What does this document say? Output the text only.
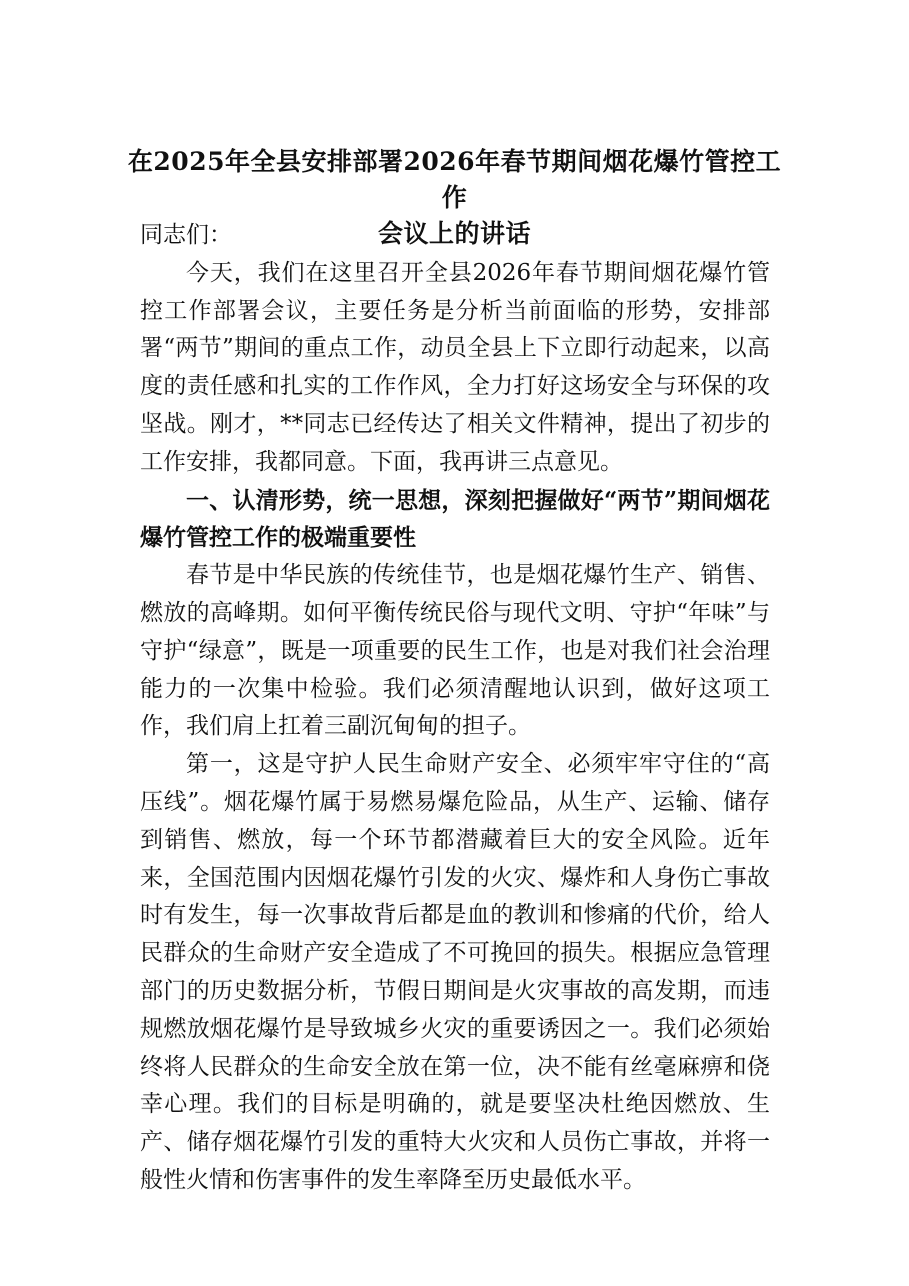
在2025年全县安排部署2026年春节期间烟花爆竹管控工作
会议上的讲话

同志们：

今天，我们在这里召开全县2026年春节期间烟花爆竹管控工作部署会议，主要任务是分析当前面临的形势，安排部署“两节”期间的重点工作，动员全县上下立即行动起来，以高度的责任感和扎实的工作作风，全力打好这场安全与环保的攻坚战。刚才，**同志已经传达了相关文件精神，提出了初步的工作安排，我都同意。下面，我再讲三点意见。

一、认清形势，统一思想，深刻把握做好“两节”期间烟花爆竹管控工作的极端重要性

春节是中华民族的传统佳节，也是烟花爆竹生产、销售、燃放的高峰期。如何平衡传统民俗与现代文明、守护“年味”与守护“绿意”，既是一项重要的民生工作，也是对我们社会治理能力的一次集中检验。我们必须清醒地认识到，做好这项工作，我们肩上扛着三副沉甸甸的担子。

第一，这是守护人民生命财产安全、必须牢牢守住的“高压线”。烟花爆竹属于易燃易爆危险品，从生产、运输、储存到销售、燃放，每一个环节都潜藏着巨大的安全风险。近年来，全国范围内因烟花爆竹引发的火灾、爆炸和人身伤亡事故时有发生，每一次事故背后都是血的教训和惨痛的代价，给人民群众的生命财产安全造成了不可挽回的损失。根据应急管理部门的历史数据分析，节假日期间是火灾事故的高发期，而违规燃放烟花爆竹是导致城乡火灾的重要诱因之一。我们必须始终将人民群众的生命安全放在第一位，决不能有丝毫麻痹和侥幸心理。我们的目标是明确的，就是要坚决杜绝因燃放、生产、储存烟花爆竹引发的重特大火灾和人员伤亡事故，并将一般性火情和伤害事件的发生率降至历史最低水平。
